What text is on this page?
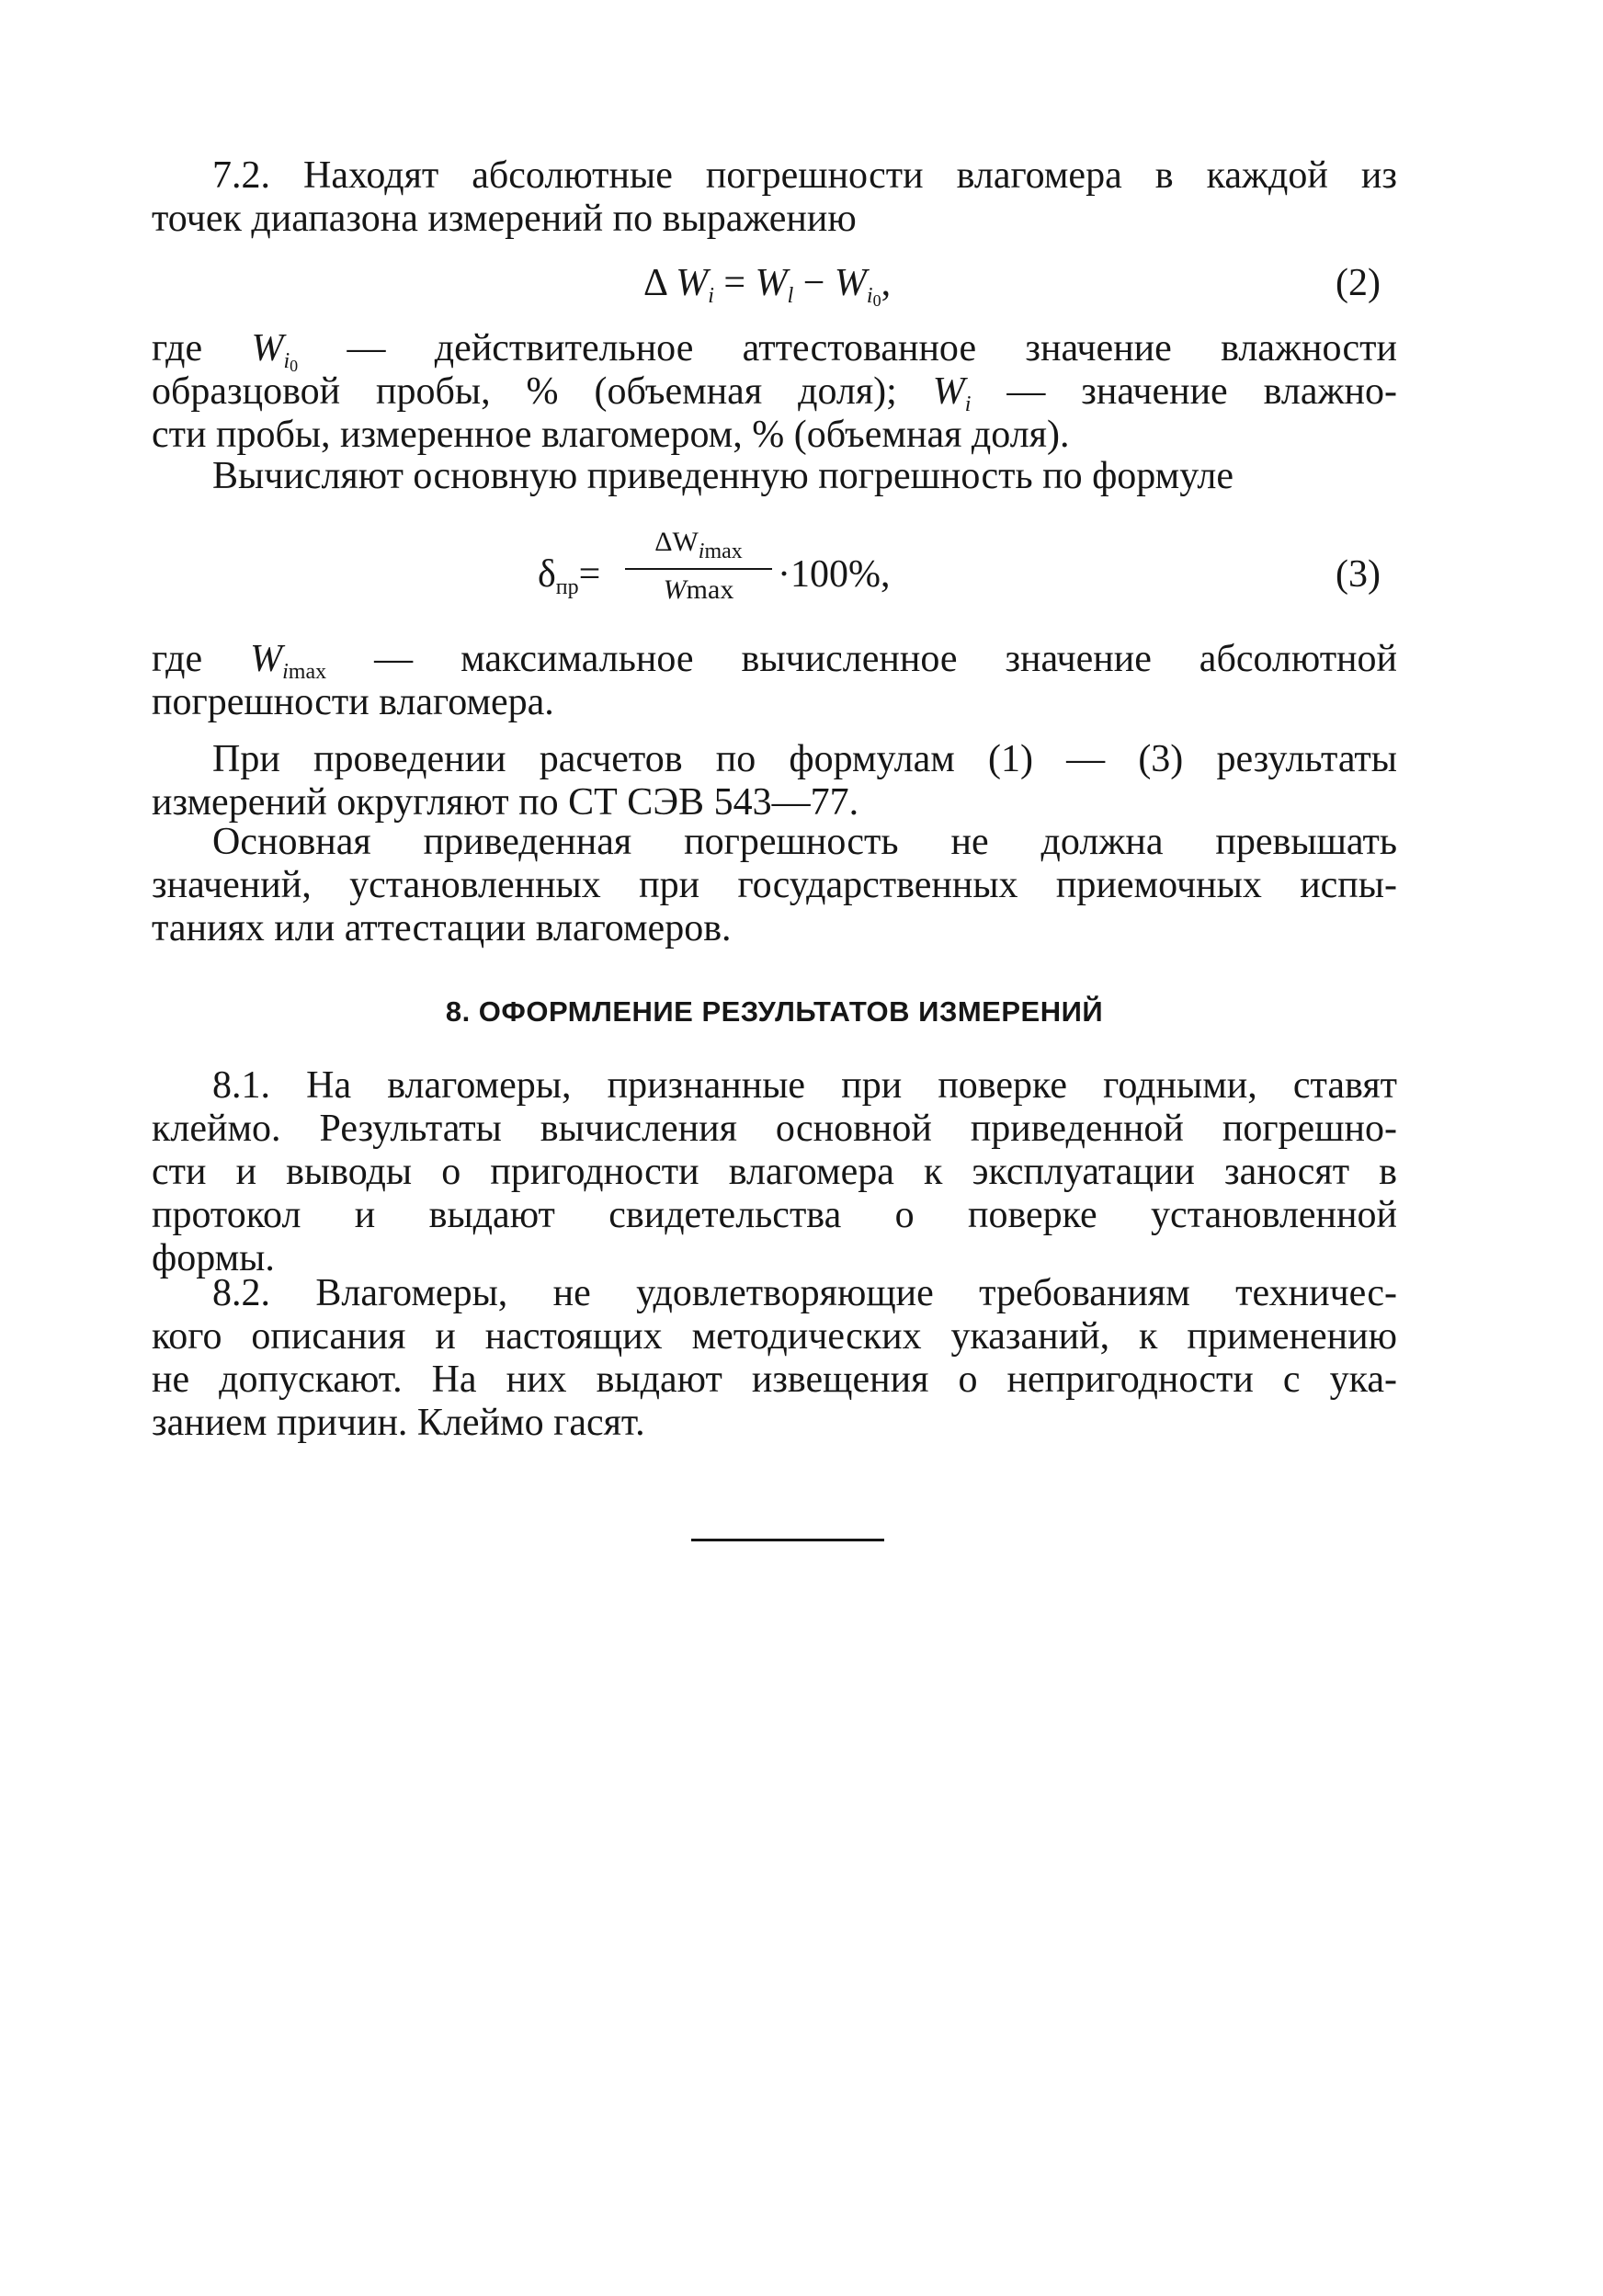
7.2. Находят абсолютные погрешности влагомера в каждой из
точек диапазона измерений по выражению
Δ $W_i = W_l - W_{i_0}$,	(2)
где $W_{i_0}$ — действительное аттестованное значение влажности
образцовой пробы, % (объемная доля); $W_i$ — значение влажно-
сти пробы, измеренное влагомером, % (объемная доля).
Вычисляют основную приведенную погрешность по формуле
$\delta_{пр}=$
$\Delta W_{imax}$
Wmax	·100%,	(3)
где $W_{imax}$ — максимальное вычисленное значение абсолютной
погрешности влагомера.
При проведении расчетов по формулам (1) — (3) результаты
измерений округляют по СТ СЭВ 543—77.
Основная приведенная погрешность не должна превышать
значений, установленных при государственных приемочных испы-
таниях или аттестации влагомеров.
8. ОФОРМЛЕНИЕ РЕЗУЛЬТАТОВ ИЗМЕРЕНИЙ
8.1. На влагомеры, признанные при поверке годными, ставят
клеймо. Результаты вычисления основной приведенной погрешно-
сти и выводы о пригодности влагомера к эксплуатации заносят в
протокол и выдают свидетельства о поверке установленной
формы.
8.2. Влагомеры, не удовлетворяющие требованиям техничес-
кого описания и настоящих методических указаний, к применению
не допускают. На них выдают извещения о непригодности с ука-
занием причин. Клеймо гасят.
